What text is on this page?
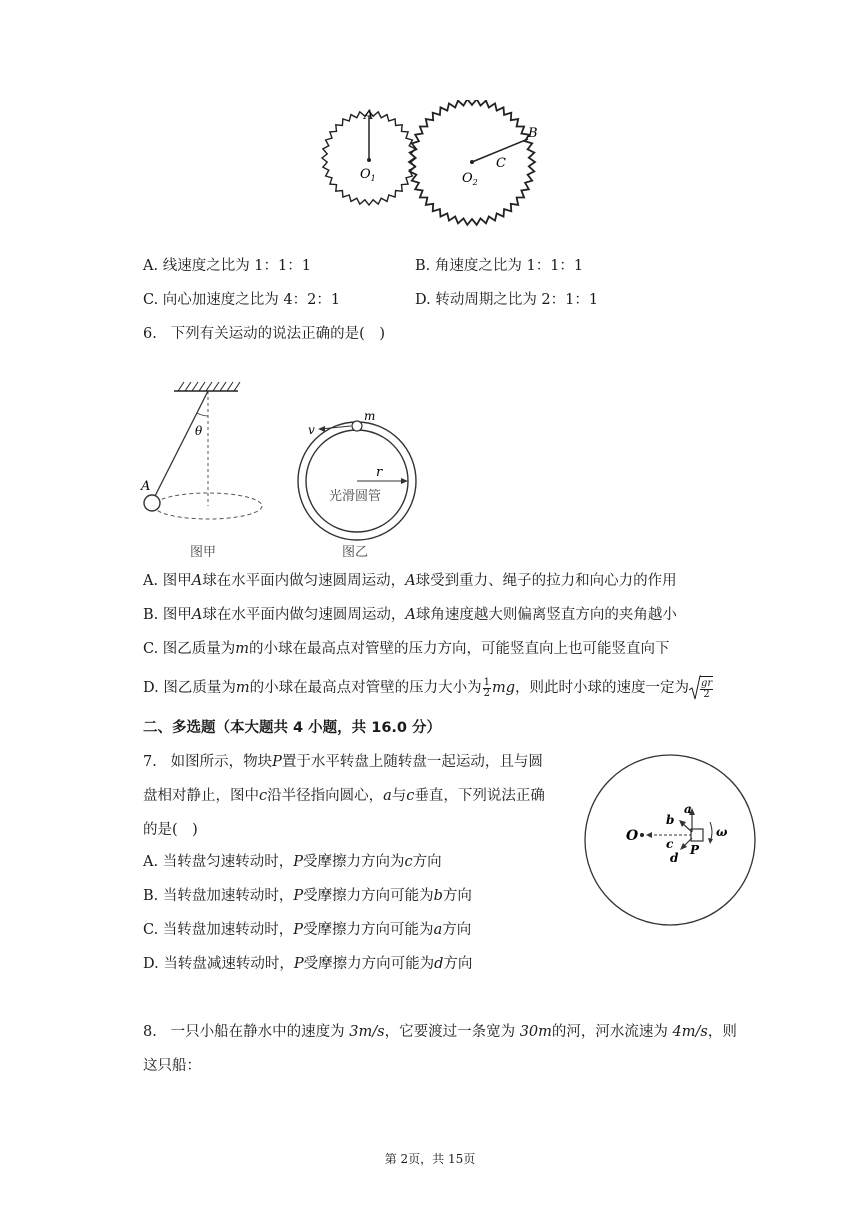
A
B
C
$O_1$	$O_2$
A. 线速度之比为 1：1：1	B. 角速度之比为 1：1：1
C. 向心加速度之比为 4：2：1	D. 转动周期之比为 2：1：1
6. 下列有关运动的说法正确的是(　)
θ
A
图甲
v
m
r
光滑圆管
图乙
A. 图甲A球在水平面内做匀速圆周运动，A球受到重力、绳子的拉力和向心力的作用
B. 图甲A球在水平面内做匀速圆周运动，A球角速度越大则偏离竖直方向的夹角越小
C. 图乙质量为m的小球在最高点对管壁的压力方向，可能竖直向上也可能竖直向下
D. 图乙质量为m的小球在最高点对管壁的压力大小为 $\frac{1}{2}$ mg，则此时小球的速度一定为 $\frac{gr}{2}$
二、多选题（本大题共 4 小题，共 16.0 分）
7. 如图所示，物块P置于水平转盘上随转盘一起运动，且与圆
盘相对静止，图中c沿半径指向圆心，a与c垂直，下列说法正确
的是(　)	O
a
b
c
d
P
ω
A. 当转盘匀速转动时，P受摩擦力方向为c方向
B. 当转盘加速转动时，P受摩擦力方向可能为b方向
C. 当转盘加速转动时，P受摩擦力方向可能为a方向
D. 当转盘减速转动时，P受摩擦力方向可能为d方向
8. 一只小船在静水中的速度为 3m/s，它要渡过一条宽为 30m的河，河水流速为 4m/s，则
这只船：
第 2页，共 15页
